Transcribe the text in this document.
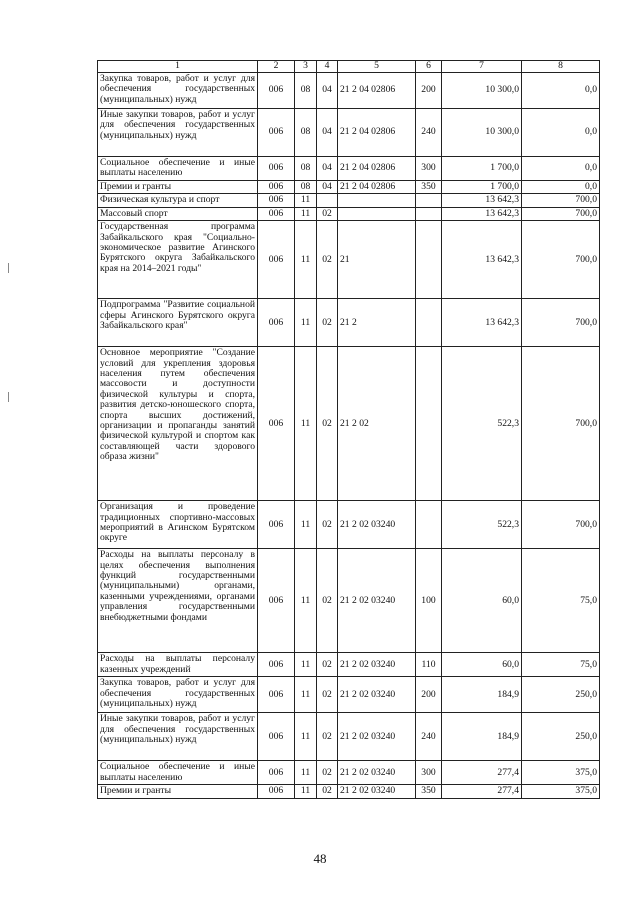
1	2	3	4	5	6	7	8
Закупка товаров, работ и услуг для обеспечения государственных (муниципальных) нужд	006	08	04	21 2 04 02806	200	10 300,0	0,0
Иные закупки товаров, работ и услуг для обеспечения государственных (муниципальных) нужд	006	08	04	21 2 04 02806	240	10 300,0	0,0
Социальное обеспечение и иные выплаты населению	006	08	04	21 2 04 02806	300	1 700,0	0,0
Премии и гранты	006	08	04	21 2 04 02806	350	1 700,0	0,0
Физическая культура и спорт	006	11				13 642,3	700,0
Массовый спорт	006	11	02			13 642,3	700,0
Государственная программа Забайкальского края "Социально-экономическое развитие Агинского Бурятского округа Забайкальского края на 2014–2021 годы"	006	11	02	21		13 642,3	700,0
Подпрограмма "Развитие социальной сферы Агинского Бурятского округа Забайкальского края"	006	11	02	21 2		13 642,3	700,0
Основное мероприятие "Создание условий для укрепления здоровья населения путем обеспечения массовости и доступности физической культуры и спорта, развития детско-юношеского спорта, спорта высших достижений, организации и пропаганды занятий физической культурой и спортом как составляющей части здорового образа жизни"	006	11	02	21 2 02		522,3	700,0
Организация и проведение традиционных спортивно-массовых мероприятий в Агинском Бурятском округе	006	11	02	21 2 02 03240		522,3	700,0
Расходы на выплаты персоналу в целях обеспечения выполнения функций государственными (муниципальными) органами, казенными учреждениями, органами управления государственными внебюджетными фондами	006	11	02	21 2 02 03240	100	60,0	75,0
Расходы на выплаты персоналу казенных учреждений	006	11	02	21 2 02 03240	110	60,0	75,0
Закупка товаров, работ и услуг для обеспечения государственных (муниципальных) нужд	006	11	02	21 2 02 03240	200	184,9	250,0
Иные закупки товаров, работ и услуг для обеспечения государственных (муниципальных) нужд	006	11	02	21 2 02 03240	240	184,9	250,0
Социальное обеспечение и иные выплаты населению	006	11	02	21 2 02 03240	300	277,4	375,0
Премии и гранты	006	11	02	21 2 02 03240	350	277,4	375,0
48
